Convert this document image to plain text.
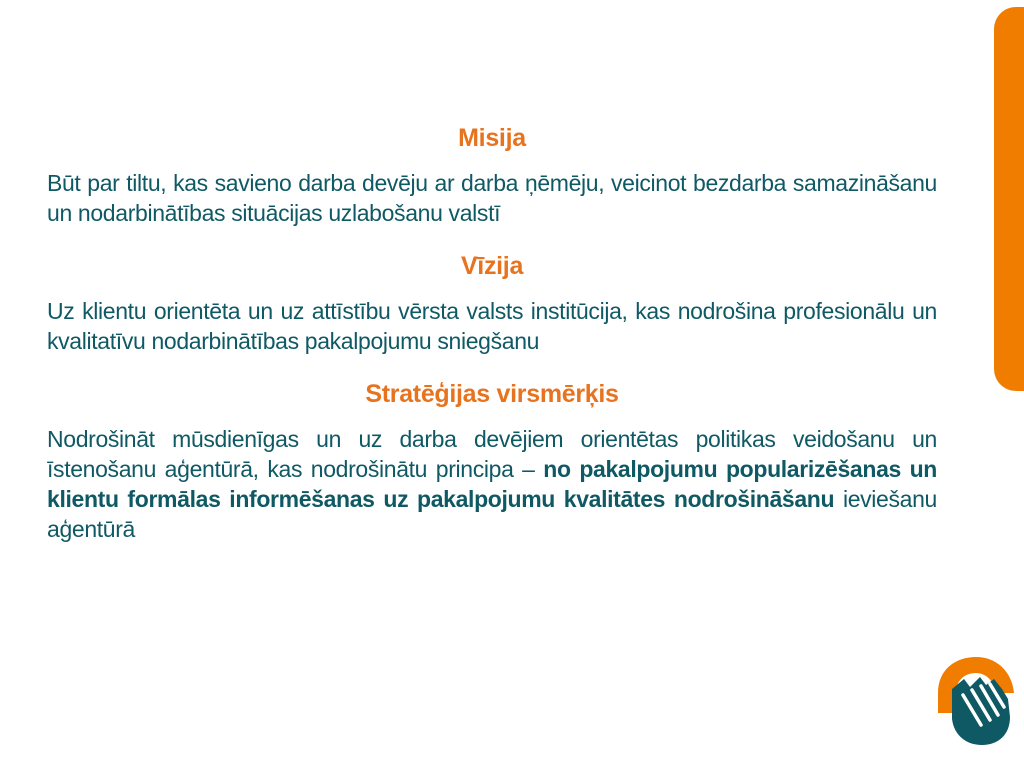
Misija

Būt par tiltu, kas savieno darba devēju ar darba ņēmēju, veicinot bezdarba samazināšanu un nodarbinātības situācijas uzlabošanu valstī

Vīzija

Uz klientu orientēta un uz attīstību vērsta valsts institūcija, kas nodrošina profesionālu un kvalitatīvu nodarbinātības pakalpojumu sniegšanu

Stratēģijas virsmērķis

Nodrošināt mūsdienīgas un uz darba devējiem orientētas politikas veidošanu un īstenošanu aģentūrā, kas nodrošinātu principa – no pakalpojumu popularizēšanas un klientu formālas informēšanas uz pakalpojumu kvalitātes nodrošināšanu ieviešanu aģentūrā
